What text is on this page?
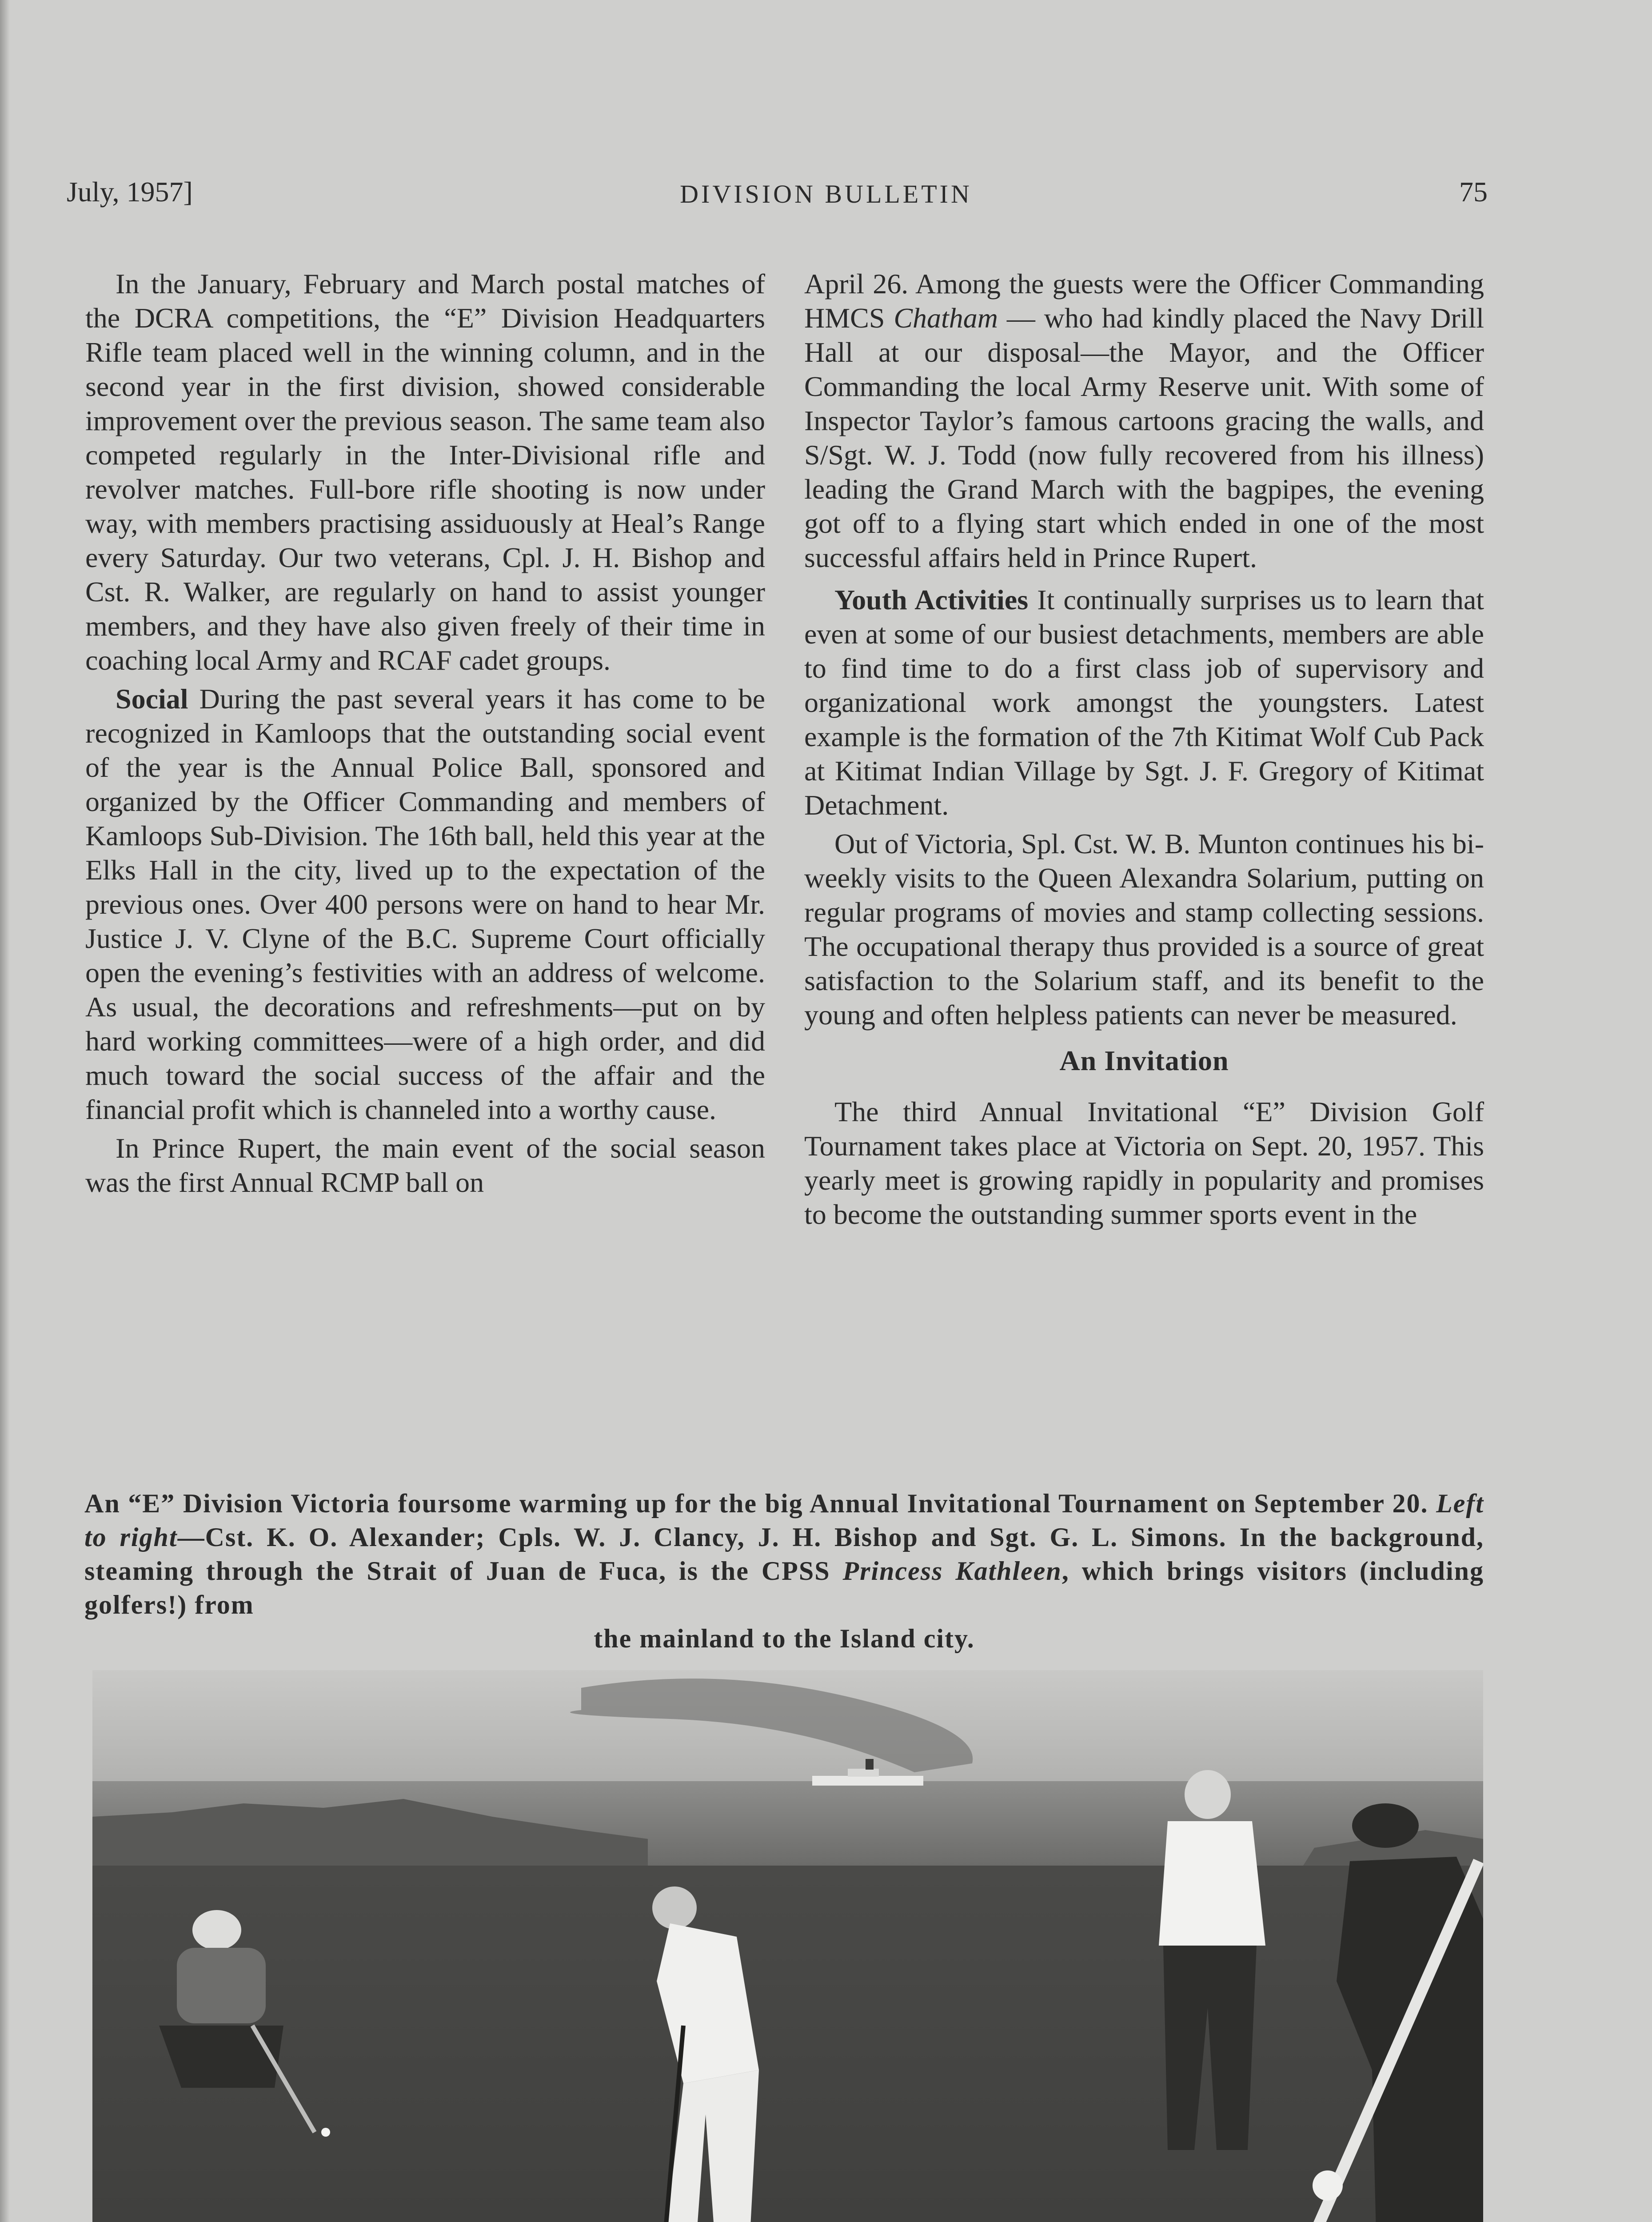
July, 1957]	DIVISION BULLETIN	75

In the January, February and March postal matches of the DCRA competitions, the “E” Division Headquarters Rifle team placed well in the winning column, and in the second year in the first division, showed considerable improvement over the previous season. The same team also competed regularly in the Inter-Divisional rifle and revolver matches. Full-bore rifle shooting is now under way, with members practising assiduously at Heal’s Range every Saturday. Our two veterans, Cpl. J. H. Bishop and Cst. R. Walker, are regularly on hand to assist younger members, and they have also given freely of their time in coaching local Army and RCAF cadet groups.

Social During the past several years it has come to be recognized in Kamloops that the outstanding social event of the year is the Annual Police Ball, sponsored and organized by the Officer Commanding and members of Kamloops Sub-Division. The 16th ball, held this year at the Elks Hall in the city, lived up to the expectation of the previous ones. Over 400 persons were on hand to hear Mr. Justice J. V. Clyne of the B.C. Supreme Court officially open the evening’s festivities with an address of welcome. As usual, the decorations and refreshments—put on by hard working committees—were of a high order, and did much toward the social success of the affair and the financial profit which is channeled into a worthy cause.

In Prince Rupert, the main event of the social season was the first Annual RCMP ball on

April 26. Among the guests were the Officer Commanding HMCS Chatham — who had kindly placed the Navy Drill Hall at our disposal—the Mayor, and the Officer Commanding the local Army Reserve unit. With some of Inspector Taylor’s famous cartoons gracing the walls, and S/Sgt. W. J. Todd (now fully recovered from his illness) leading the Grand March with the bagpipes, the evening got off to a flying start which ended in one of the most successful affairs held in Prince Rupert.

Youth Activities It continually surprises us to learn that even at some of our busiest detachments, members are able to find time to do a first class job of supervisory and organizational work amongst the youngsters. Latest example is the formation of the 7th Kitimat Wolf Cub Pack at Kitimat Indian Village by Sgt. J. F. Gregory of Kitimat Detachment.

Out of Victoria, Spl. Cst. W. B. Munton continues his bi-weekly visits to the Queen Alexandra Solarium, putting on regular programs of movies and stamp collecting sessions. The occupational therapy thus provided is a source of great satisfaction to the Solarium staff, and its benefit to the young and often helpless patients can never be measured.

An Invitation

The third Annual Invitational “E” Division Golf Tournament takes place at Victoria on Sept. 20, 1957. This yearly meet is growing rapidly in popularity and promises to become the outstanding summer sports event in the

An “E” Division Victoria foursome warming up for the big Annual Invitational Tournament on September 20. Left to right—Cst. K. O. Alexander; Cpls. W. J. Clancy, J. H. Bishop and Sgt. G. L. Simons. In the background, steaming through the Strait of Juan de Fuca, is the CPSS Princess Kathleen, which brings visitors (including golfers!) from
the mainland to the Island city.
